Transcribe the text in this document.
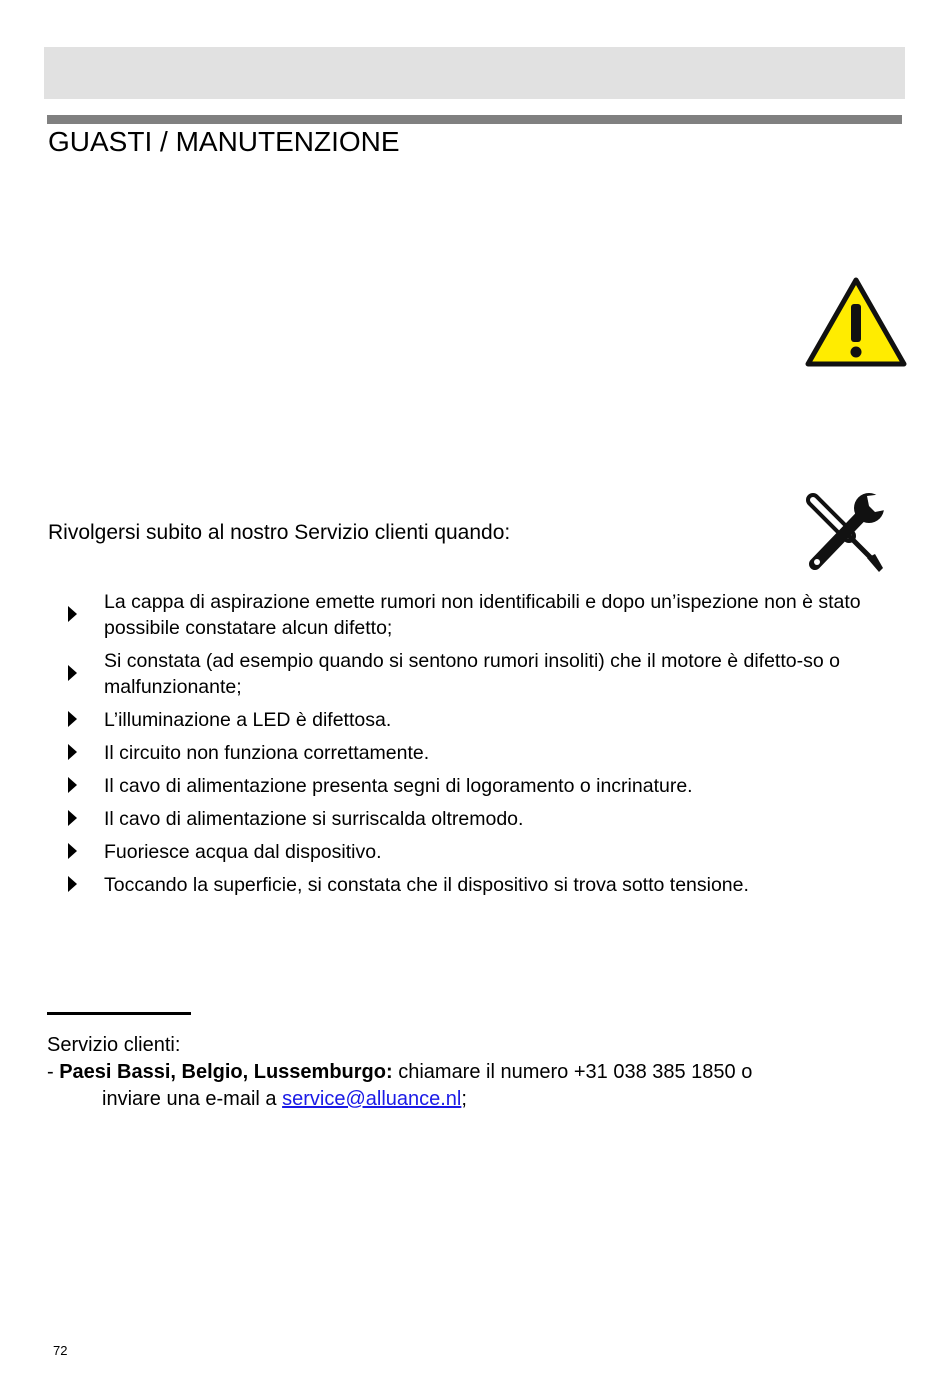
GUASTI / MANUTENZIONE
Rivolgersi subito al nostro Servizio clienti quando:
La cappa di aspirazione emette rumori non identificabili e dopo un’ispezione non è stato possibile constatare alcun difetto;
Si constata (ad esempio quando si sentono rumori insoliti) che il motore è difetto-so o malfunzionante;
L’illuminazione a LED è difettosa.
Il circuito non funziona correttamente.
Il cavo di alimentazione presenta segni di logoramento o incrinature.
Il cavo di alimentazione si surriscalda oltremodo.
Fuoriesce acqua dal dispositivo.
Toccando la superficie, si constata che il dispositivo si trova sotto tensione.
Servizio clienti:
- Paesi Bassi, Belgio, Lussemburgo: chiamare il numero +31 038 385 1850 o
inviare una e-mail a service@alluance.nl;
72
